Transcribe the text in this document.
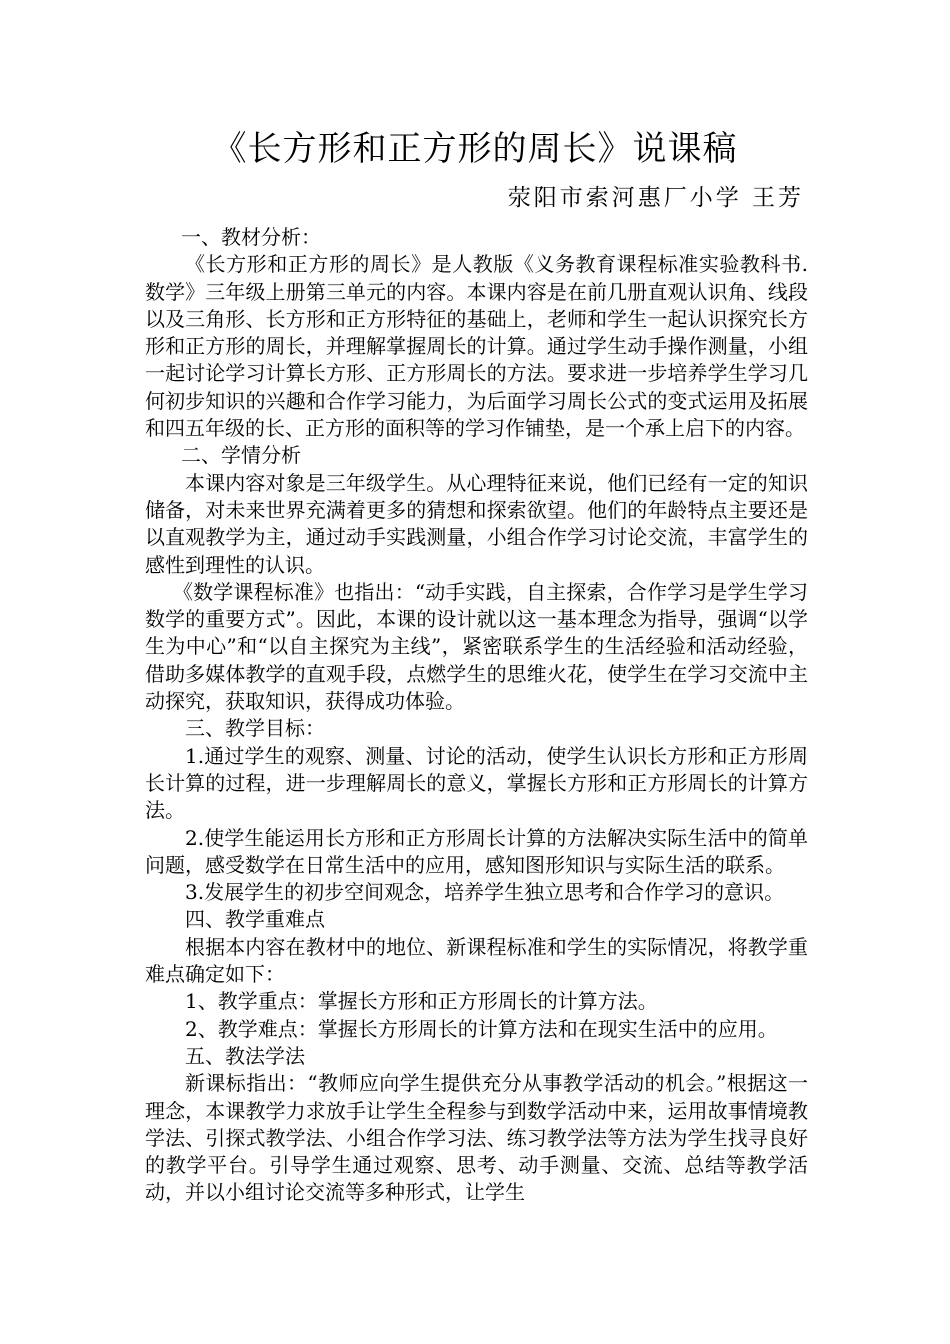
《长方形和正方形的周长》说课稿
荥阳市索河惠厂小学 王芳

一、教材分析：

《长方形和正方形的周长》是人教版《义务教育课程标准实验教科书.数学》三年级上册第三单元的内容。本课内容是在前几册直观认识角、线段以及三角形、长方形和正方形特征的基础上，老师和学生一起认识探究长方形和正方形的周长，并理解掌握周长的计算。通过学生动手操作测量，小组一起讨论学习计算长方形、正方形周长的方法。要求进一步培养学生学习几何初步知识的兴趣和合作学习能力，为后面学习周长公式的变式运用及拓展和四五年级的长、正方形的面积等的学习作铺垫，是一个承上启下的内容。

二、学情分析

本课内容对象是三年级学生。从心理特征来说，他们已经有一定的知识储备，对未来世界充满着更多的猜想和探索欲望。他们的年龄特点主要还是以直观教学为主，通过动手实践测量，小组合作学习讨论交流，丰富学生的感性到理性的认识。

《数学课程标准》也指出：“动手实践，自主探索，合作学习是学生学习数学的重要方式”。因此，本课的设计就以这一基本理念为指导，强调“以学生为中心”和“以自主探究为主线”，紧密联系学生的生活经验和活动经验，借助多媒体教学的直观手段，点燃学生的思维火花，使学生在学习交流中主动探究，获取知识，获得成功体验。

三、教学目标：

1.通过学生的观察、测量、讨论的活动，使学生认识长方形和正方形周长计算的过程，进一步理解周长的意义，掌握长方形和正方形周长的计算方法。

2.使学生能运用长方形和正方形周长计算的方法解决实际生活中的简单问题，感受数学在日常生活中的应用，感知图形知识与实际生活的联系。

3.发展学生的初步空间观念，培养学生独立思考和合作学习的意识。

四、教学重难点

根据本内容在教材中的地位、新课程标准和学生的实际情况，将教学重难点确定如下：

1、教学重点：掌握长方形和正方形周长的计算方法。

2、教学难点：掌握长方形周长的计算方法和在现实生活中的应用。

五、教法学法

新课标指出：“教师应向学生提供充分从事教学活动的机会。”根据这一理念，本课教学力求放手让学生全程参与到数学活动中来，运用故事情境教学法、引探式教学法、小组合作学习法、练习教学法等方法为学生找寻良好的教学平台。引导学生通过观察、思考、动手测量、交流、总结等教学活动，并以小组讨论交流等多种形式，让学生
